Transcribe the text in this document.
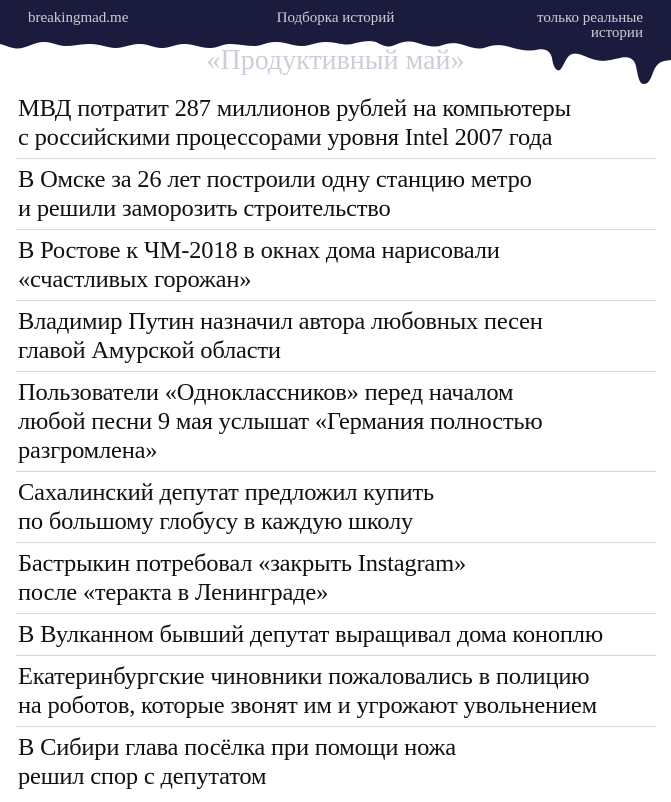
breakingmad.me	Подборка историй	только реальные
истории
«Продуктивный май»
МВД потратит 287 миллионов рублей на компьютеры
с российскими процессорами уровня Intel 2007 года
В Омске за 26 лет построили одну станцию метро
и решили заморозить строительство
В Ростове к ЧМ-2018 в окнах дома нарисовали
«счастливых горожан»
Владимир Путин назначил автора любовных песен
главой Амурской области
Пользователи «Одноклассников» перед началом
любой песни 9 мая услышат «Германия полностью
разгромлена»
Сахалинский депутат предложил купить
по большому глобусу в каждую школу
Бастрыкин потребовал «закрыть Instagram»
после «теракта в Ленинграде»
В Вулканном бывший депутат выращивал дома коноплю
Екатеринбургские чиновники пожаловались в полицию
на роботов, которые звонят им и угрожают увольнением
В Сибири глава посёлка при помощи ножа
решил спор с депутатом
